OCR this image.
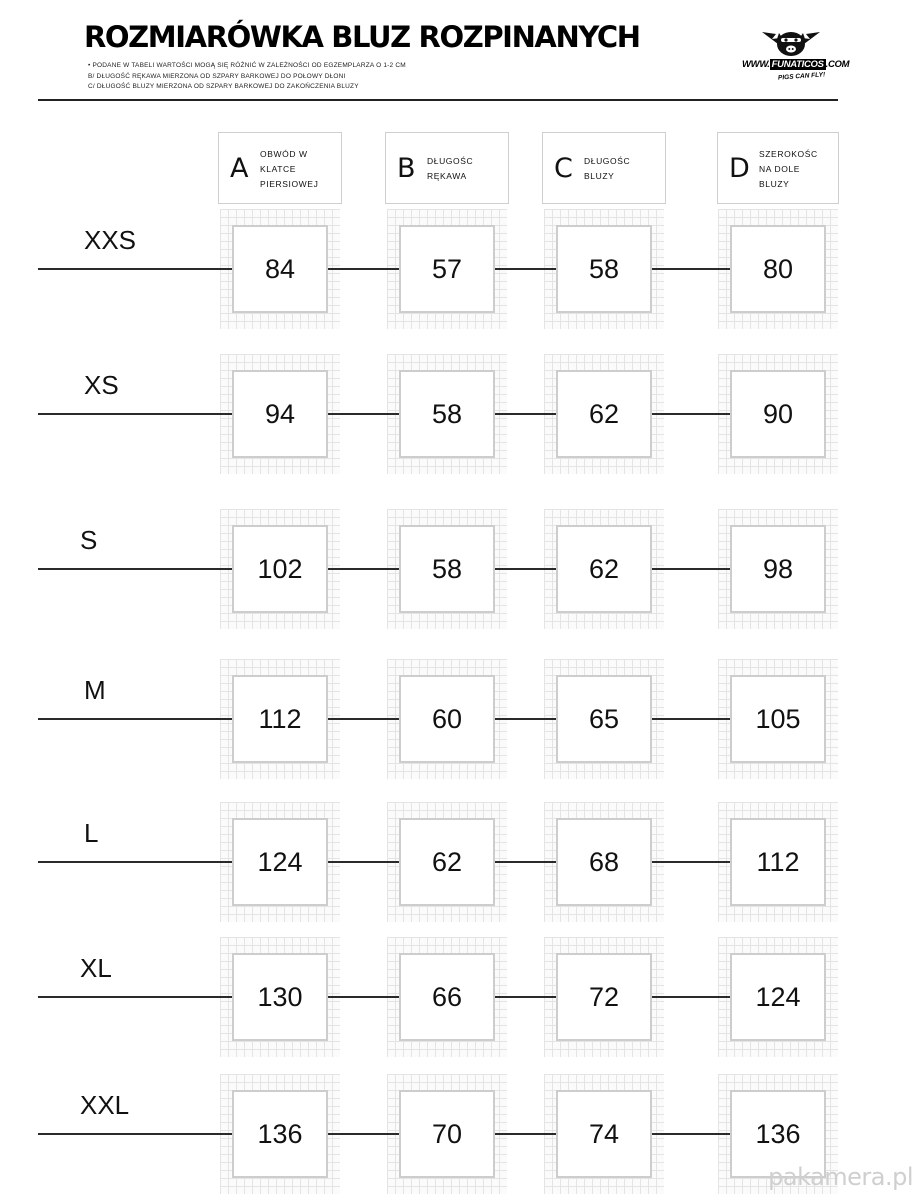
ROZMIARÓWKA BLUZ ROZPINANYCH
• PODANE W TABELI WARTOŚCI MOGĄ SIĘ RÓŻNIĆ W ZALEŻNOŚCI OD EGZEMPLARZA O 1-2 CM
B/ DŁUGOŚĆ RĘKAWA MIERZONA OD SZPARY BARKOWEJ DO POŁOWY DŁONI
C/ DŁUGOŚĆ BLUZY MIERZONA OD SZPARY BARKOWEJ DO ZAKOŃCZENIA BLUZY
WWW. FUNATICOS .COM
PIGS CAN FLY!
A OBWÓD W
KLATCE
PIERSIOWEJ	B DŁUGOŚC
RĘKAWA	C DŁUGOŚC
BLUZY	D SZEROKOŚC
NA DOLE
BLUZY
XXS
84	57	58	80
XS
94	58	62	90
S
102	58	62	98
M
112	60	65	105
L
124	62	68	112
XL
130	66	72	124
XXL
136	70	74	136
pakamera.pl
